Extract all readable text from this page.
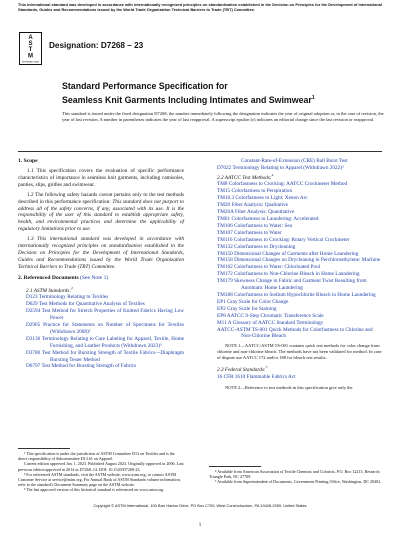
This international standard was developed in accordance with internationally recognized principles on standardization established in the Decision on Principles for the Development of International Standards, Guides and Recommendations issued by the World Trade Organization Technical Barriers to Trade (TBT) Committee.
A
S
T
M
INTERNATIONAL
Designation: D7268 – 23
Standard Performance Specification for
Seamless Knit Garments Including Intimates and Swimwear$^1$
This standard is issued under the fixed designation D7268; the number immediately following the designation indicates the year of original adoption or, in the case of revision, the year of last revision. A number in parentheses indicates the year of last reapproval. A superscript epsilon (ε) indicates an editorial change since the last revision or reapproval.
1. Scope

1.1 This specification covers the evaluation of specific performance characteristics of importance in seamless knit garments, including camisoles, panties, slips, girdles and swimwear.

1.2 The following safety hazards caveat pertains only to the test methods described in this performance specification: This standard does not purport to address all of the safety concerns, if any, associated with its use. It is the responsibility of the user of this standard to establish appropriate safety, health, and environmental practices and determine the applicability of regulatory limitations prior to use.

1.3 This international standard was developed in accordance with internationally recognized principles on standardization established in the Decision on Principles for the Development of International Standards, Guides and Recommendations issued by the World Trade Organization Technical Barriers to Trade (TBT) Committee.

2. Referenced Documents (See Note 1)
2.1 ASTM Standards:$^2$
D123 Terminology Relating to Textiles
D629 Test Methods for Quantitative Analysis of Textiles
D2594 Test Method for Stretch Properties of Knitted Fabrics Having Low Power
D2905 Practice for Statements on Number of Specimens for Textiles (Withdrawn 2008)³
D3136 Terminology Relating to Care Labeling for Apparel, Textile, Home Furnishing, and Leather Products (Withdrawn 2023)³
D3786 Test Method for Bursting Strength of Textile Fabrics—Diaphragm Bursting Tester Method
D6797 Test Method for Bursting Strength of Fabrics

¹ This specification is under the jurisdiction of ASTM Committee D13 on Textiles and is the direct responsibility of Subcommittee D13.61 on Apparel.

Current edition approved Jan. 1, 2023. Published August 2023. Originally approved in 2006. Last previous edition approved in 2014 as D7268–14. DOI: 10.1520/D7268-23.

² For referenced ASTM standards, visit the ASTM website, www.astm.org, or contact ASTM Customer Service at service@astm.org. For Annual Book of ASTM Standards volume information, refer to the standard's Document Summary page on the ASTM website.

³ The last approved version of this historical standard is referenced on www.astm.org.

Constant-Rate-of-Extension (CRE) Ball Burst Test
D7022 Terminology Relating to Apparel (Withdrawn 2022)³
2.2 AATCC Test Methods:$^4$
TM8 Colorfastness to Crocking: AATCC Crockmeter Method
TM15 Colorfastness to Perspiration
TM16.3 Colorfastness to Light: Xenon Arc
TM20 Fiber Analysis: Qualitative
TM20A Fiber Analysis: Quantitative
TM61 Colorfastness to Laundering: Accelerated
TM106 Colorfastness to Water: Sea
TM107 Colorfastness to Water
TM116 Colorfastness to Crocking: Rotary Vertical Crockmeter
TM132 Colorfastness to Drycleaning
TM150 Dimensional Changes of Garments after Home Laundering
TM158 Dimensional Changes on Drycleaning in Perchloroethylene: Machine
TM162 Colorfastness to Water: Chlorinated Pool
TM172 Colorfastness to Non-Chlorine Bleach in Home Laundering
TM179 Skewness Change in Fabric and Garment Twist Resulting from Automatic Home Laundering
TM188 Colorfastness to Sodium Hypochlorite Bleach in Home Laundering
EP1 Gray Scale for Color Change
EP2 Gray Scale for Staining
EP8 AATCC 9-Step Chromatic Transference Scale
M11 A Glossary of AATCC Standard Terminology
AATCC-ASTM TS-001 Quick Methods for Colorfastness to Chlorine and Non-Chlorine Bleach
NOTE 1—AATCC-ASTM TS-001 contains quick test methods for color change from chlorine and non-chlorine bleach. The methods have not been validated for method. In case of dispute use AATCC 172 and/or 188 for bleach test results.
2.3 Federal Standards:$^5$
16 CFR 1610 Flammable Fabrics Act
NOTE 2—Reference to test methods in this specification give only the

⁴ Available from American Association of Textile Chemists and Colorists, P.O. Box 12215, Research Triangle Park, NC 27709.

⁵ Available from Superintendent of Documents, Government Printing Office, Washington, DC 20402.

Copyright © ASTM International, 100 Barr Harbor Drive, PO Box C700, West Conshohocken, PA 19428-2959. United States
1
